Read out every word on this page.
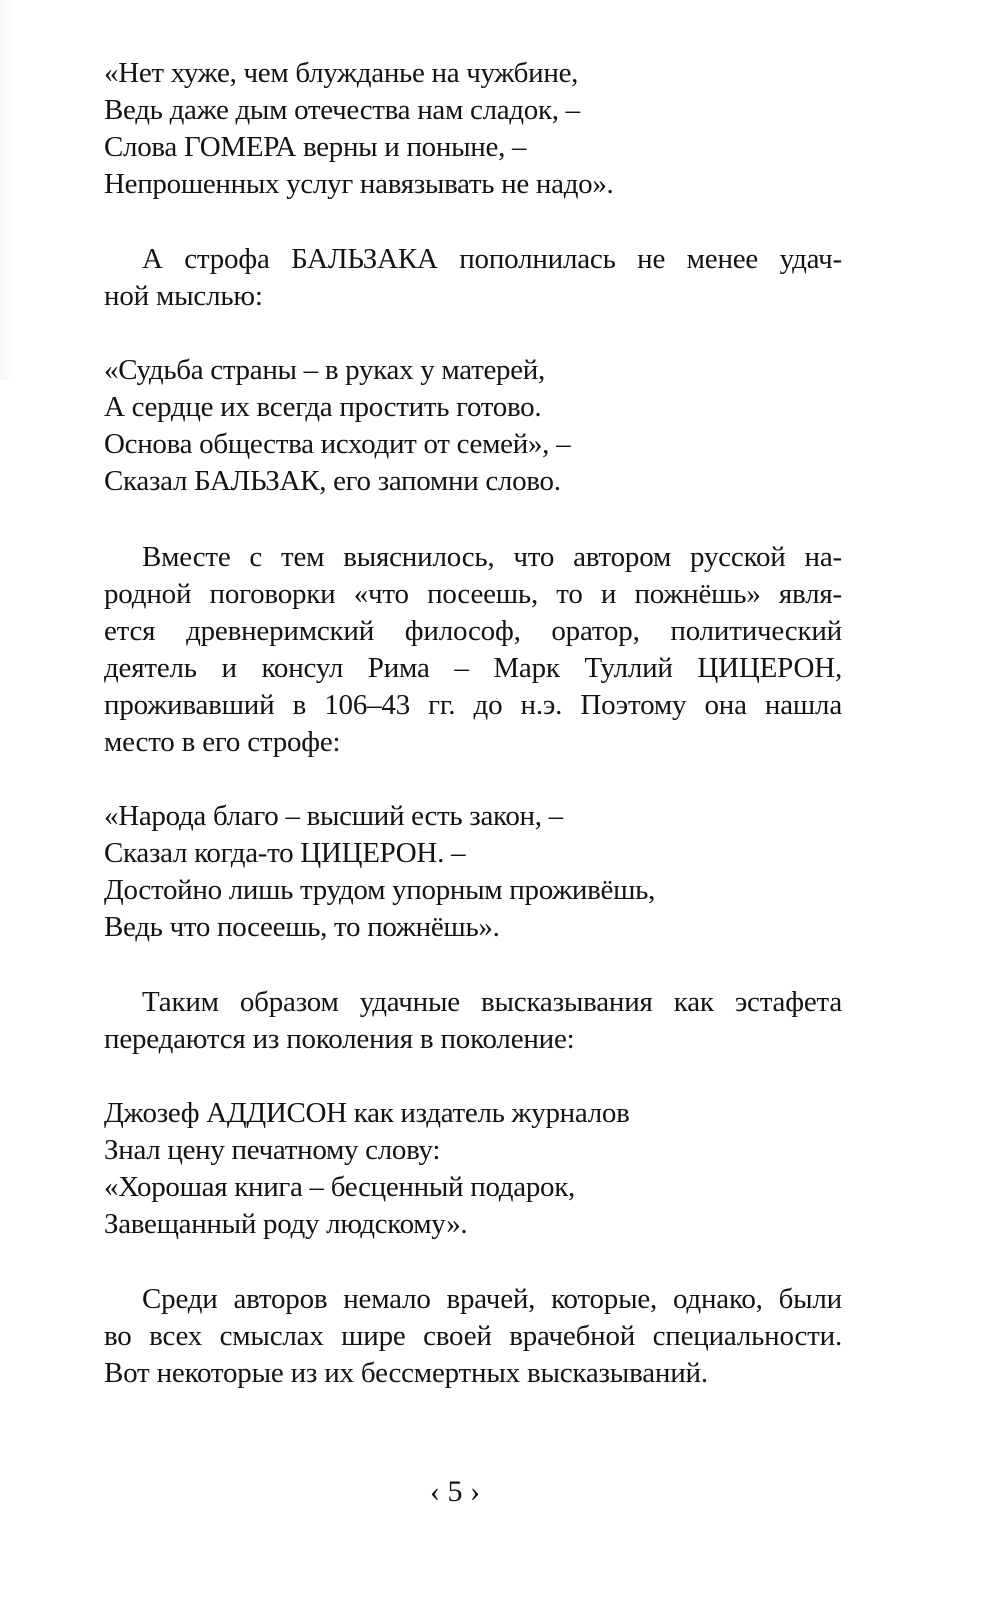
«Нет хуже, чем блужданье на чужбине,
Ведь даже дым отечества нам сладок, –
Слова ГОМЕРА верны и поныне, –
Непрошенных услуг навязывать не надо».
А строфа БАЛЬЗАКА пополнилась не менее удач-
ной мыслью:
«Судьба страны – в руках у матерей,
А сердце их всегда простить готово.
Основа общества исходит от семей», –
Сказал БАЛЬЗАК, его запомни слово.
Вместе с тем выяснилось, что автором русской на-
родной поговорки «что посеешь, то и пожнёшь» явля-
ется древнеримский философ, оратор, политический
деятель и консул Рима – Марк Туллий ЦИЦЕРОН,
проживавший в 106–43 гг. до н.э. Поэтому она нашла
место в его строфе:
«Народа благо – высший есть закон, –
Сказал когда-то ЦИЦЕРОН. –
Достойно лишь трудом упорным проживёшь,
Ведь что посеешь, то пожнёшь».
Таким образом удачные высказывания как эстафета
передаются из поколения в поколение:
Джозеф АДДИСОН как издатель журналов
Знал цену печатному слову:
«Хорошая книга – бесценный подарок,
Завещанный роду людскому».
Среди авторов немало врачей, которые, однако, были
во всех смыслах шире своей врачебной специальности.
Вот некоторые из их бессмертных высказываний.
‹ 5 ›
